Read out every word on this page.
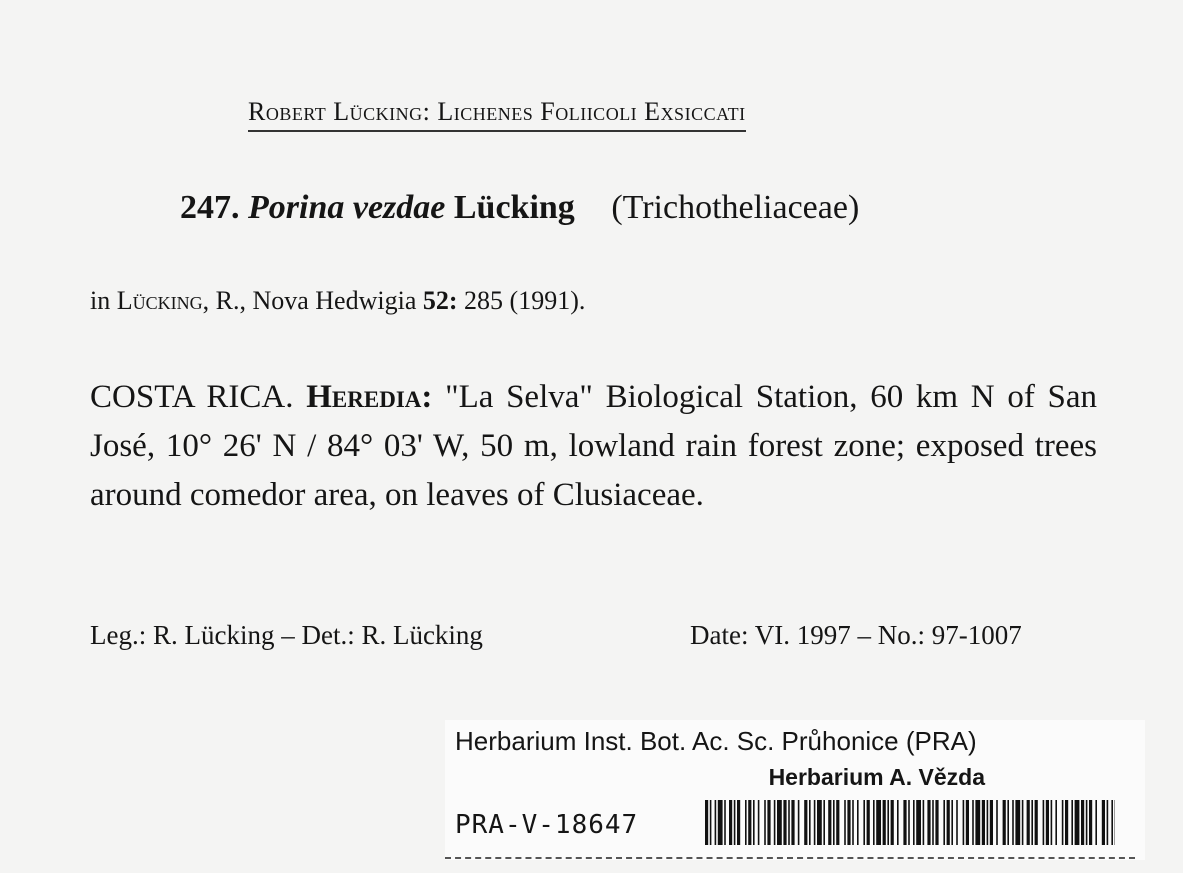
Robert Lücking: Lichenes Foliicoli Exsiccati
247. Porina vezdae Lücking (Trichotheliaceae)
in Lücking, R., Nova Hedwigia 52: 285 (1991).
COSTA RICA. Heredia: "La Selva" Biological Station, 60 km N of San José, 10° 26' N / 84° 03' W, 50 m, lowland rain forest zone; exposed trees around comedor area, on leaves of Clusiaceae.
Leg.: R. Lücking – Det.: R. Lücking	Date: VI. 1997 – No.: 97-1007
Herbarium Inst. Bot. Ac. Sc. Průhonice (PRA)
Herbarium A. Vězda
PRA-V-18647
